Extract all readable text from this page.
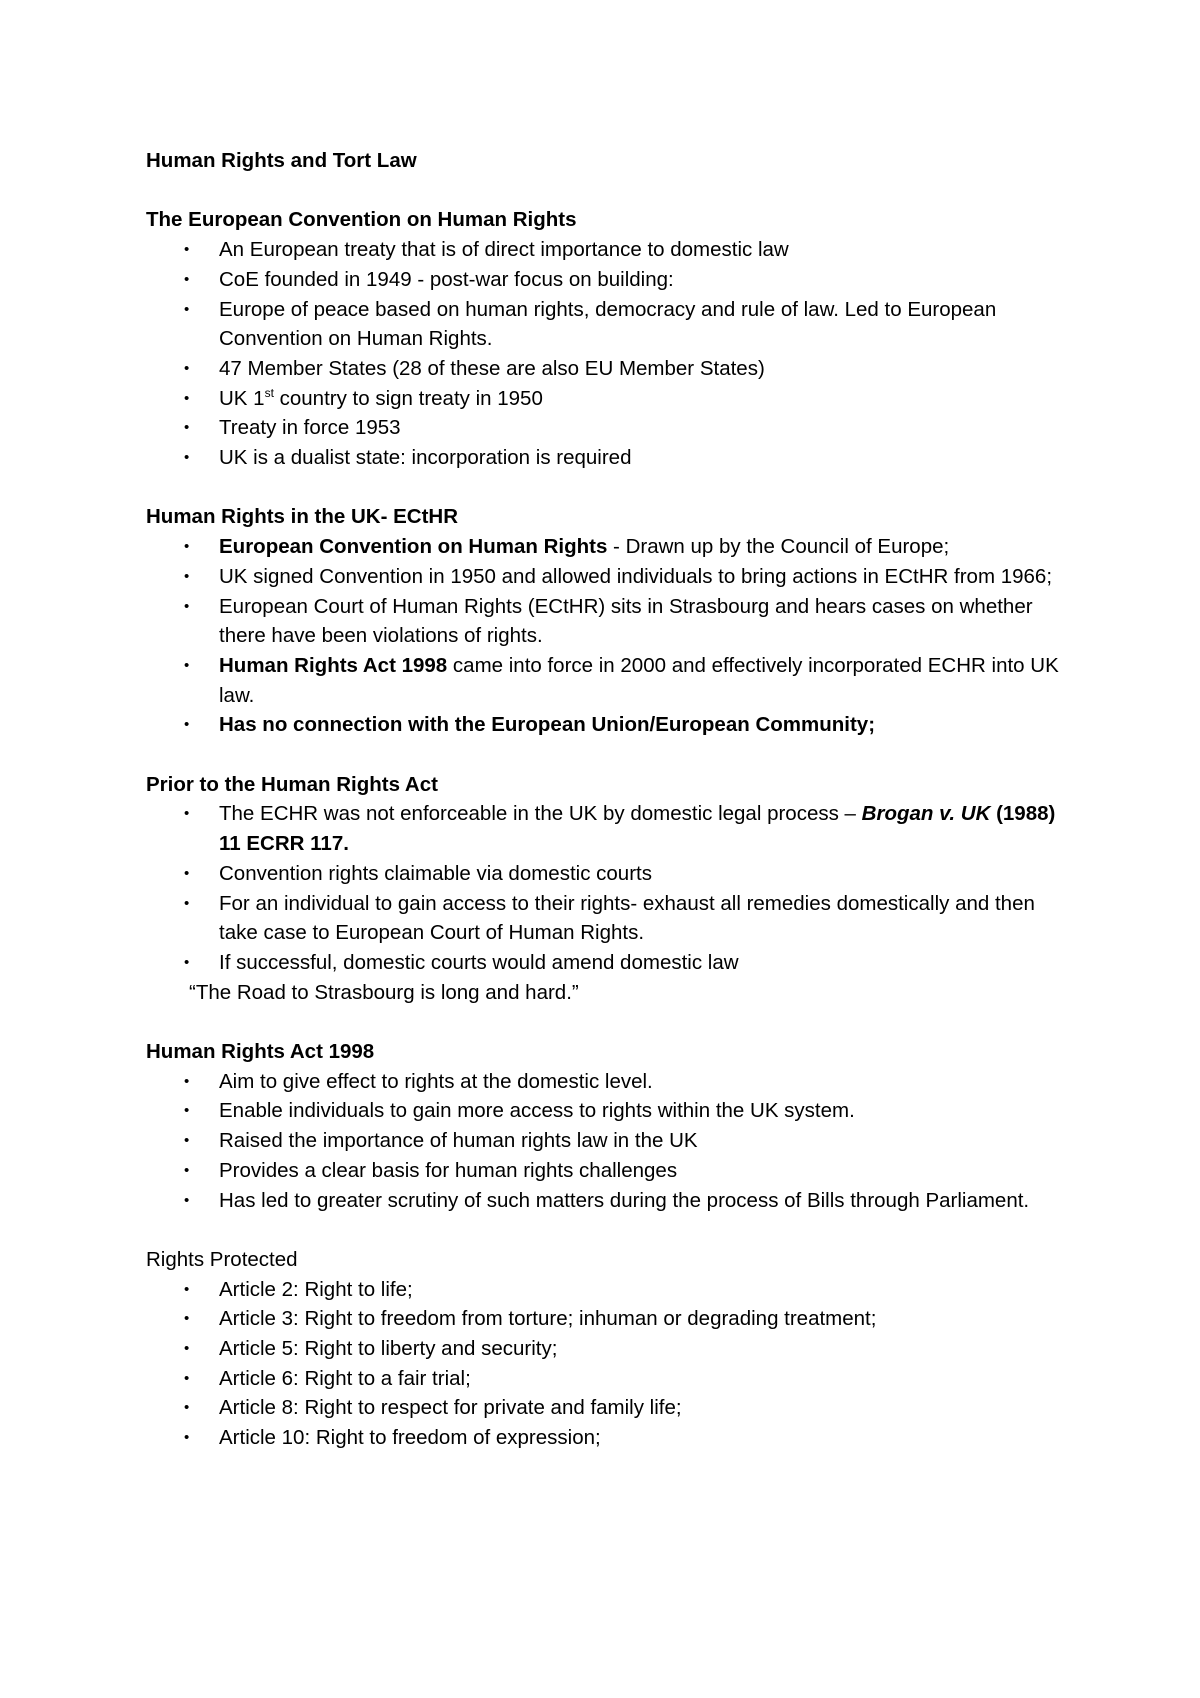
Human Rights and Tort Law
The European Convention on Human Rights
• An European treaty that is of direct importance to domestic law
• CoE founded in 1949 - post-war focus on building:
• Europe of peace based on human rights, democracy and rule of law. Led to European Convention on Human Rights.
• 47 Member States (28 of these are also EU Member States)
• UK 1st country to sign treaty in 1950
• Treaty in force 1953
• UK is a dualist state: incorporation is required
Human Rights in the UK- ECtHR
• European Convention on Human Rights - Drawn up by the Council of Europe;
• UK signed Convention in 1950 and allowed individuals to bring actions in ECtHR from 1966;
• European Court of Human Rights (ECtHR) sits in Strasbourg and hears cases on whether there have been violations of rights.
• Human Rights Act 1998 came into force in 2000 and effectively incorporated ECHR into UK law.
• Has no connection with the European Union/European Community;
Prior to the Human Rights Act
• The ECHR was not enforceable in the UK by domestic legal process – Brogan v. UK (1988) 11 ECRR 117.
• Convention rights claimable via domestic courts
• For an individual to gain access to their rights- exhaust all remedies domestically and then take case to European Court of Human Rights.
• If successful, domestic courts would amend domestic law
“The Road to Strasbourg is long and hard.”
Human Rights Act 1998
• Aim to give effect to rights at the domestic level.
• Enable individuals to gain more access to rights within the UK system.
• Raised the importance of human rights law in the UK
• Provides a clear basis for human rights challenges
• Has led to greater scrutiny of such matters during the process of Bills through Parliament.
Rights Protected
• Article 2: Right to life;
• Article 3: Right to freedom from torture; inhuman or degrading treatment;
• Article 5: Right to liberty and security;
• Article 6: Right to a fair trial;
• Article 8: Right to respect for private and family life;
• Article 10: Right to freedom of expression;
